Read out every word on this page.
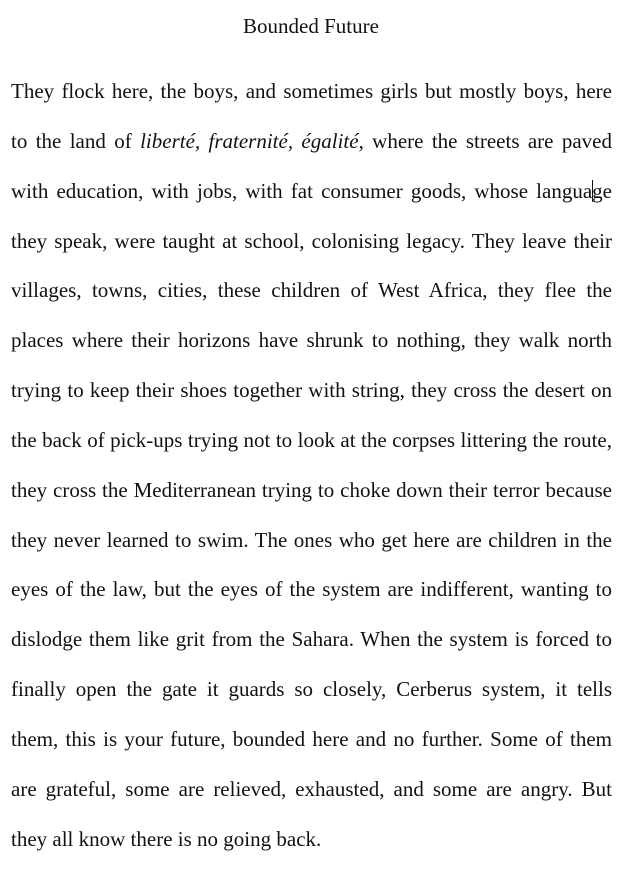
Bounded Future
They flock here, the boys, and sometimes girls but mostly boys, here
to the land of liberté, fraternité, égalité, where the streets are paved
with education, with jobs, with fat consumer goods, whose language
they speak, were taught at school, colonising legacy. They leave their
villages, towns, cities, these children of West Africa, they flee the
places where their horizons have shrunk to nothing, they walk north
trying to keep their shoes together with string, they cross the desert on
the back of pick-ups trying not to look at the corpses littering the route,
they cross the Mediterranean trying to choke down their terror because
they never learned to swim. The ones who get here are children in the
eyes of the law, but the eyes of the system are indifferent, wanting to
dislodge them like grit from the Sahara. When the system is forced to
finally open the gate it guards so closely, Cerberus system, it tells
them, this is your future, bounded here and no further. Some of them
are grateful, some are relieved, exhausted, and some are angry. But
they all know there is no going back.
